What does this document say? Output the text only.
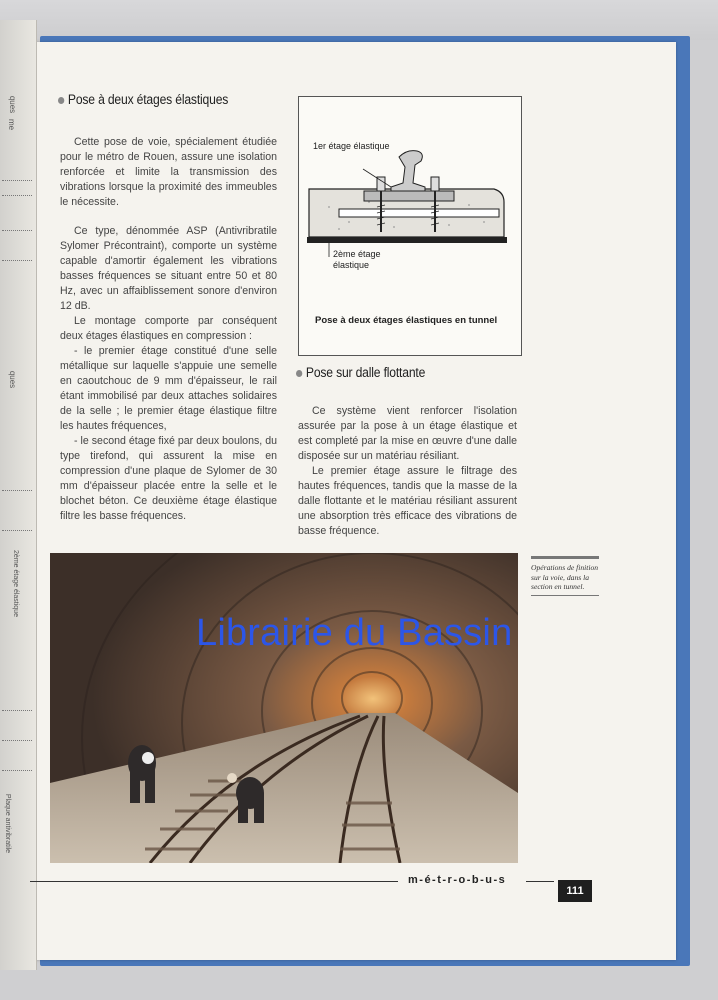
ques
me
ques
2ème étage élastique
Plaque antivibratile
Pose à deux étages élastiques

Cette pose de voie, spécialement étudiée pour le métro de Rouen, assure une isolation renforcée et limite la transmission des vibrations lorsque la proximité des immeubles le nécessite.

Ce type, dénommée ASP (Antivribratile Sylomer Précontraint), comporte un système capable d'amortir également les vibrations basses fréquences se situant entre 50 et 80 Hz, avec un affaiblissement sonore d'environ 12 dB.

Le montage comporte par conséquent deux étages élastiques en compression :

- le premier étage constitué d'une selle métallique sur laquelle s'appuie une semelle en caoutchouc de 9 mm d'épaisseur, le rail étant immobilisé par deux attaches solidaires de la selle ; le premier étage élastique filtre les hautes fréquences,

- le second étage fixé par deux boulons, du type tirefond, qui assurent la mise en compression d'une plaque de Sylomer de 30 mm d'épaisseur placée entre la selle et le blochet béton. Ce deuxième étage élastique filtre les basse fréquences.

1er étage élastique
2ème étage élastique
Pose à deux étages élastiques en tunnel
Pose sur dalle flottante

Ce système vient renforcer l'isolation assurée par la pose à un étage élastique et est completé par la mise en œuvre d'une dalle disposée sur un matériau résiliant.

Le premier étage assure le filtrage des hautes fréquences, tandis que la masse de la dalle flottante et le matériau résiliant assurent une absorption très efficace des vibrations de basse fréquence.

Opérations de finition sur la voie, dans la section en tunnel.
Librairie du Bassin
m-é-t-r-o-b-u-s
111
